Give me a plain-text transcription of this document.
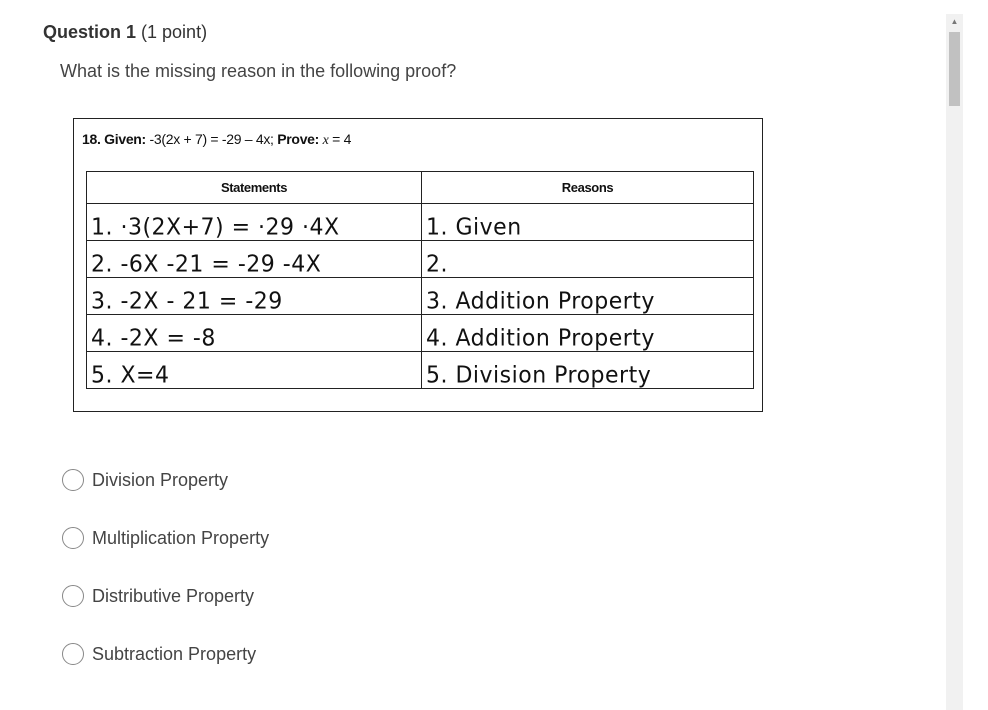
Question 1 (1 point)
What is the missing reason in the following proof?
18. Given: -3(2x + 7) = -29 – 4x; Prove: x = 4
Statements	Reasons
1. ·3(2X+7) = ·29 ·4X	1. Given
2. -6X -21 = -29 -4X	2.
3. -2X - 21 = -29	3. Addition Property
4. -2X = -8	4. Addition Property
5. X=4	5. Division Property
Division Property
Multiplication Property
Distributive Property
Subtraction Property
▲
